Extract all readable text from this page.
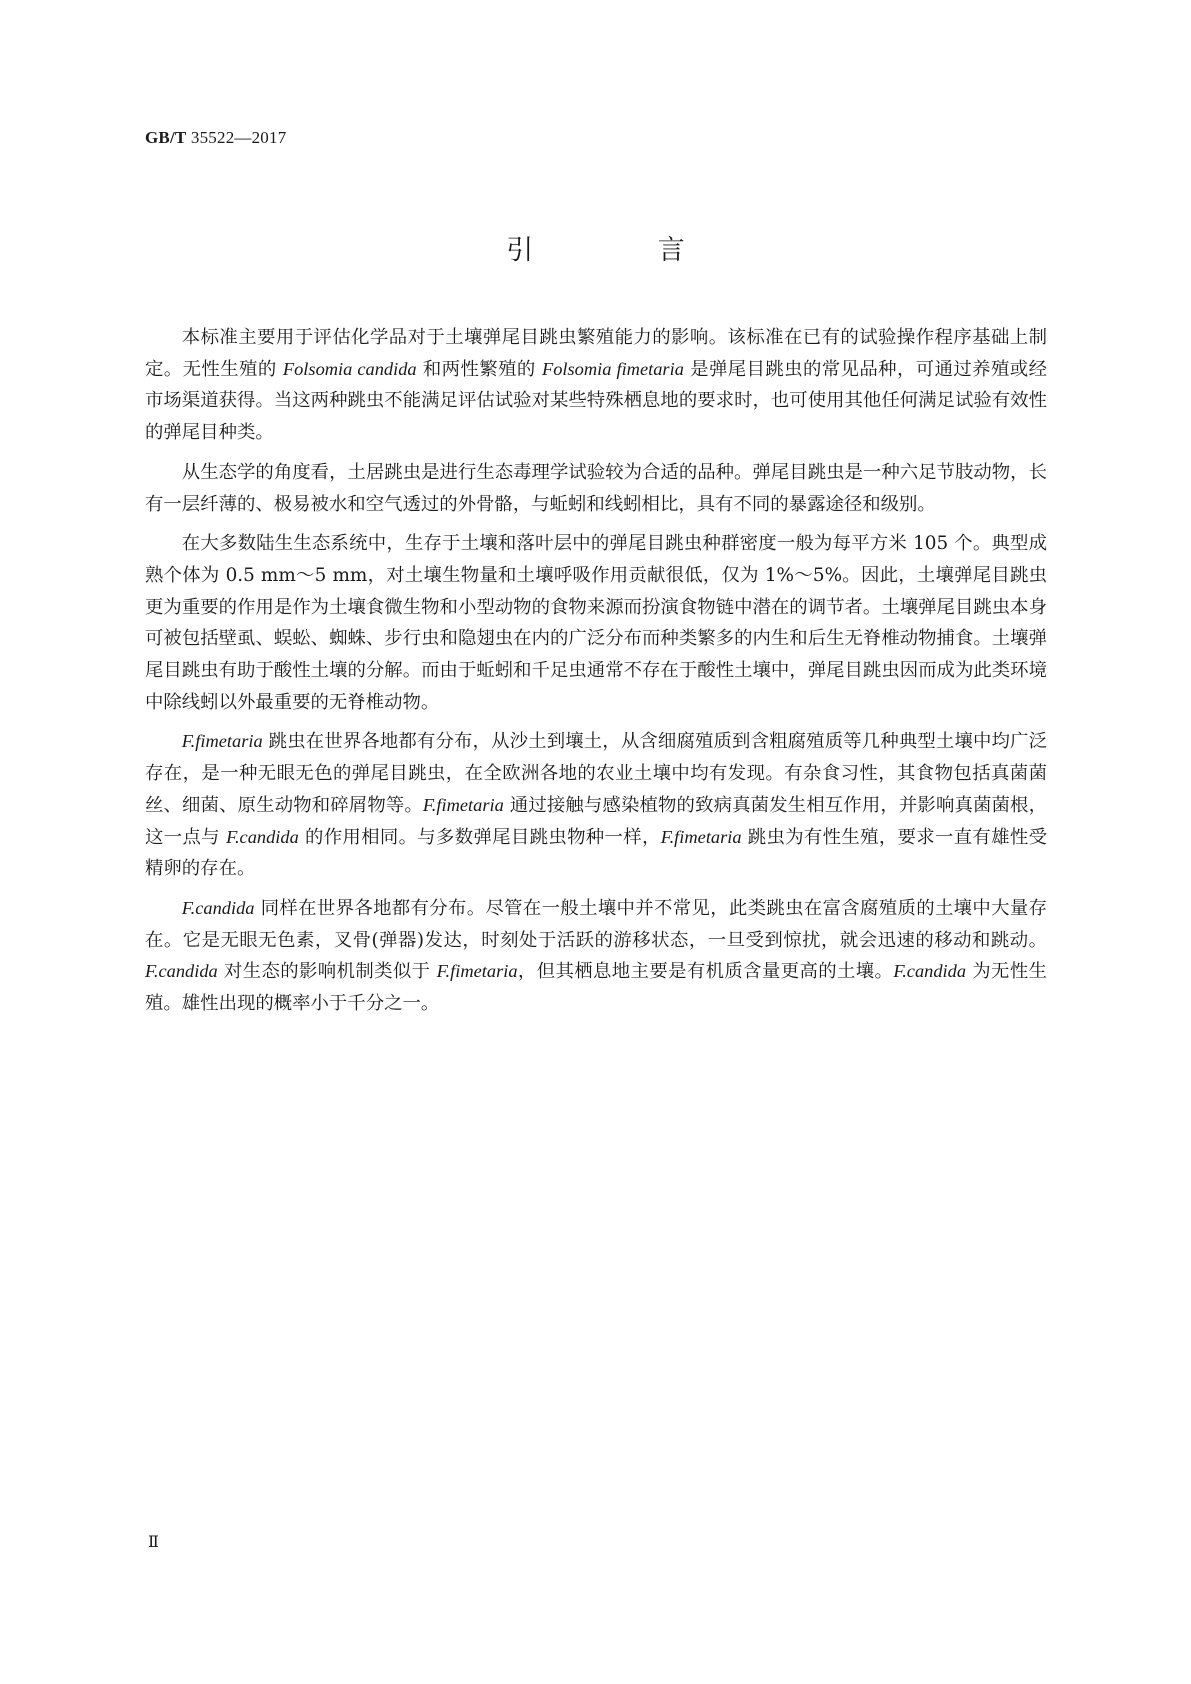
GB/T 35522—2017
引 言

本标准主要用于评估化学品对于土壤弹尾目跳虫繁殖能力的影响。该标准在已有的试验操作程序基础上制定。无性生殖的 Folsomia candida 和两性繁殖的 Folsomia fimetaria 是弹尾目跳虫的常见品种，可通过养殖或经市场渠道获得。当这两种跳虫不能满足评估试验对某些特殊栖息地的要求时，也可使用其他任何满足试验有效性的弹尾目种类。

从生态学的角度看，土居跳虫是进行生态毒理学试验较为合适的品种。弹尾目跳虫是一种六足节肢动物，长有一层纤薄的、极易被水和空气透过的外骨骼，与蚯蚓和线蚓相比，具有不同的暴露途径和级别。

在大多数陆生生态系统中，生存于土壤和落叶层中的弹尾目跳虫种群密度一般为每平方米 105 个。典型成熟个体为 0.5 mm～5 mm，对土壤生物量和土壤呼吸作用贡献很低，仅为 1%～5%。因此，土壤弹尾目跳虫更为重要的作用是作为土壤食微生物和小型动物的食物来源而扮演食物链中潜在的调节者。土壤弹尾目跳虫本身可被包括壁虱、蜈蚣、蜘蛛、步行虫和隐翅虫在内的广泛分布而种类繁多的内生和后生无脊椎动物捕食。土壤弹尾目跳虫有助于酸性土壤的分解。而由于蚯蚓和千足虫通常不存在于酸性土壤中，弹尾目跳虫因而成为此类环境中除线蚓以外最重要的无脊椎动物。

F.fimetaria 跳虫在世界各地都有分布，从沙土到壤土，从含细腐殖质到含粗腐殖质等几种典型土壤中均广泛存在，是一种无眼无色的弹尾目跳虫，在全欧洲各地的农业土壤中均有发现。有杂食习性，其食物包括真菌菌丝、细菌、原生动物和碎屑物等。F.fimetaria 通过接触与感染植物的致病真菌发生相互作用，并影响真菌菌根，这一点与 F.candida 的作用相同。与多数弹尾目跳虫物种一样，F.fimetaria 跳虫为有性生殖，要求一直有雄性受精卵的存在。

F.candida 同样在世界各地都有分布。尽管在一般土壤中并不常见，此类跳虫在富含腐殖质的土壤中大量存在。它是无眼无色素，叉骨(弹器)发达，时刻处于活跃的游移状态，一旦受到惊扰，就会迅速的移动和跳动。F.candida 对生态的影响机制类似于 F.fimetaria，但其栖息地主要是有机质含量更高的土壤。F.candida 为无性生殖。雄性出现的概率小于千分之一。

Ⅱ
